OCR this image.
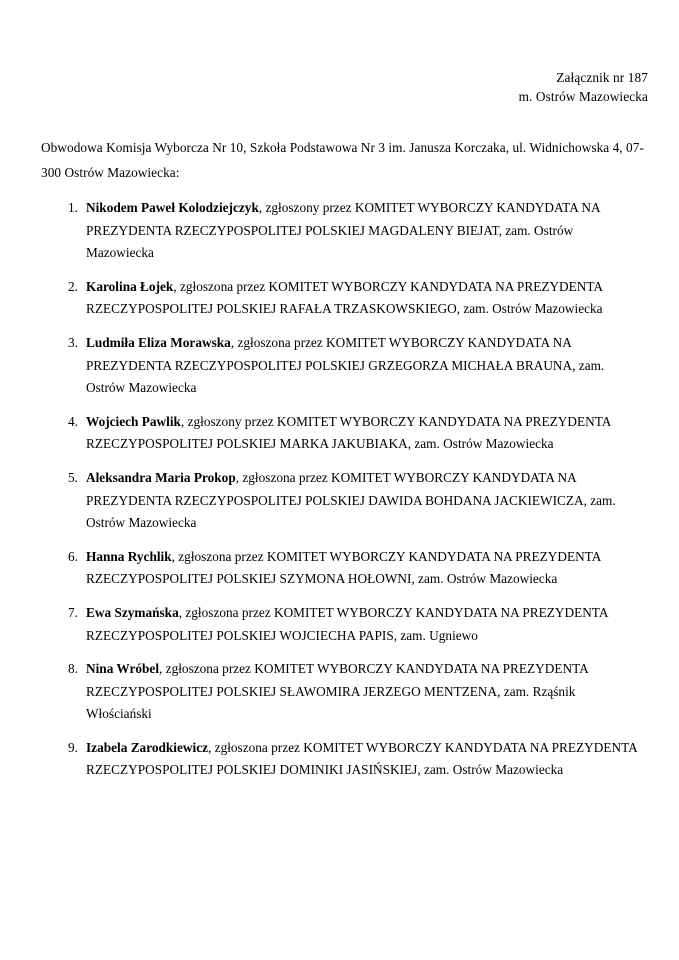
Załącznik nr 187
m. Ostrów Mazowiecka

Obwodowa Komisja Wyborcza Nr 10, Szkoła Podstawowa Nr 3 im. Janusza Korczaka, ul. Widnichowska 4, 07-300 Ostrów Mazowiecka:

1. Nikodem Paweł Kolodziejczyk, zgłoszony przez KOMITET WYBORCZY KANDYDATA NA PREZYDENTA RZECZYPOSPOLITEJ POLSKIEJ MAGDALENY BIEJAT, zam. Ostrów Mazowiecka
2. Karolina Łojek, zgłoszona przez KOMITET WYBORCZY KANDYDATA NA PREZYDENTA RZECZYPOSPOLITEJ POLSKIEJ RAFAŁA TRZASKOWSKIEGO, zam. Ostrów Mazowiecka
3. Ludmiła Eliza Morawska, zgłoszona przez KOMITET WYBORCZY KANDYDATA NA PREZYDENTA RZECZYPOSPOLITEJ POLSKIEJ GRZEGORZA MICHAŁA BRAUNA, zam. Ostrów Mazowiecka
4. Wojciech Pawlik, zgłoszony przez KOMITET WYBORCZY KANDYDATA NA PREZYDENTA RZECZYPOSPOLITEJ POLSKIEJ MARKA JAKUBIAKA, zam. Ostrów Mazowiecka
5. Aleksandra Maria Prokop, zgłoszona przez KOMITET WYBORCZY KANDYDATA NA PREZYDENTA RZECZYPOSPOLITEJ POLSKIEJ DAWIDA BOHDANA JACKIEWICZA, zam. Ostrów Mazowiecka
6. Hanna Rychlik, zgłoszona przez KOMITET WYBORCZY KANDYDATA NA PREZYDENTA RZECZYPOSPOLITEJ POLSKIEJ SZYMONA HOŁOWNI, zam. Ostrów Mazowiecka
7. Ewa Szymańska, zgłoszona przez KOMITET WYBORCZY KANDYDATA NA PREZYDENTA RZECZYPOSPOLITEJ POLSKIEJ WOJCIECHA PAPIS, zam. Ugniewo
8. Nina Wróbel, zgłoszona przez KOMITET WYBORCZY KANDYDATA NA PREZYDENTA RZECZYPOSPOLITEJ POLSKIEJ SŁAWOMIRA JERZEGO MENTZENA, zam. Rząśnik Włościański
9. Izabela Zarodkiewicz, zgłoszona przez KOMITET WYBORCZY KANDYDATA NA PREZYDENTA RZECZYPOSPOLITEJ POLSKIEJ DOMINIKI JASIŃSKIEJ, zam. Ostrów Mazowiecka
